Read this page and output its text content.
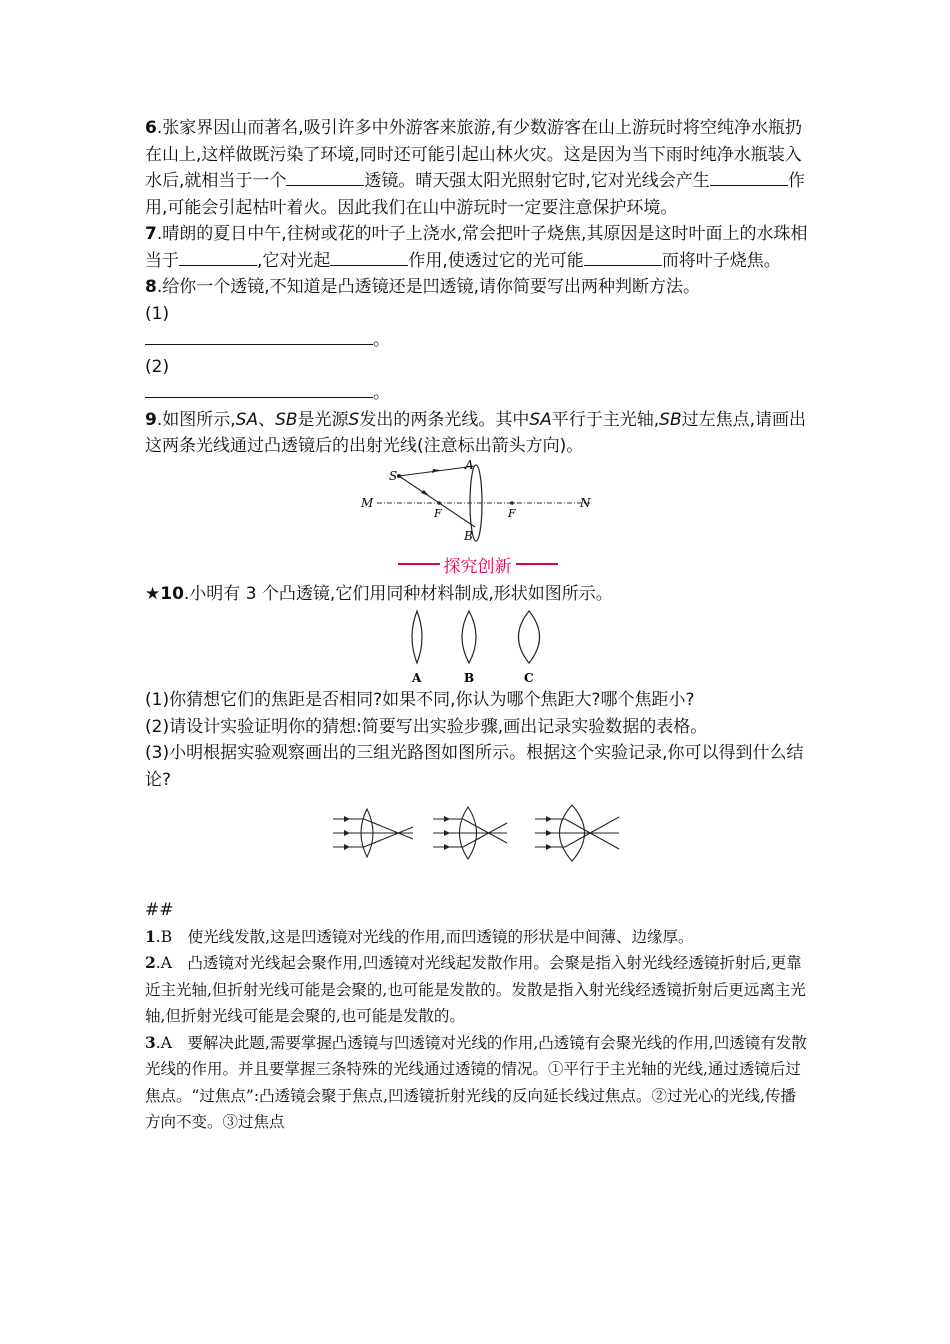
6.张家界因山而著名,吸引许多中外游客来旅游,有少数游客在山上游玩时将空纯净水瓶扔在山上,这样做既污染了环境,同时还可能引起山林火灾。这是因为当下雨时纯净水瓶装入水后,就相当于一个	透镜。晴天强太阳光照射它时,它对光线会产生	作用,可能会引起枯叶着火。因此我们在山中游玩时一定要注意保护环境。

7.晴朗的夏日中午,往树或花的叶子上浇水,常会把叶子烧焦,其原因是这时叶面上的水珠相当于	,它对光起	作用,使透过它的光可能	而将叶子烧焦。

8.给你一个透镜,不知道是凸透镜还是凹透镜,请你简要写出两种判断方法。

(1)

。

(2)

。

9.如图所示,SA、SB是光源S发出的两条光线。其中SA平行于主光轴,SB过左焦点,请画出这两条光线通过凸透镜后的出射光线(注意标出箭头方向)。

S
A
B
M	N
F	F
探究创新

★10.小明有 3 个凸透镜,它们用同种材料制成,形状如图所示。

A	B	C

(1)你猜想它们的焦距是否相同?如果不同,你认为哪个焦距大?哪个焦距小?

(2)请设计实验证明你的猜想:简要写出实验步骤,画出记录实验数据的表格。

(3)小明根据实验观察画出的三组光路图如图所示。根据这个实验记录,你可以得到什么结论?

##

1.B　使光线发散,这是凹透镜对光线的作用,而凹透镜的形状是中间薄、边缘厚。

2.A　凸透镜对光线起会聚作用,凹透镜对光线起发散作用。会聚是指入射光线经透镜折射后,更靠近主光轴,但折射光线可能是会聚的,也可能是发散的。发散是指入射光线经透镜折射后更远离主光轴,但折射光线可能是会聚的,也可能是发散的。

3.A　要解决此题,需要掌握凸透镜与凹透镜对光线的作用,凸透镜有会聚光线的作用,凹透镜有发散光线的作用。并且要掌握三条特殊的光线通过透镜的情况。①平行于主光轴的光线,通过透镜后过焦点。“过焦点”:凸透镜会聚于焦点,凹透镜折射光线的反向延长线过焦点。②过光心的光线,传播方向不变。③过焦点
